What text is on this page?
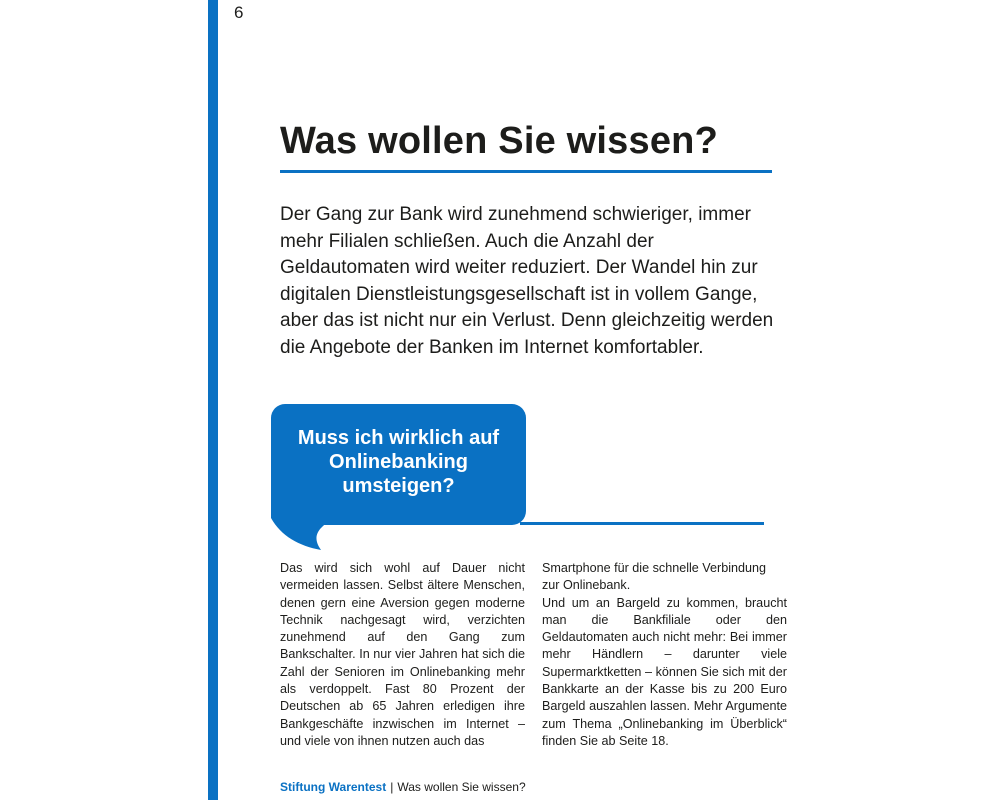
6
Was wollen Sie wissen?

Der Gang zur Bank wird zunehmend schwieriger, immer mehr Filialen schließen. Auch die Anzahl der Geldautomaten wird weiter reduziert. Der Wandel hin zur digitalen Dienstleistungsgesellschaft ist in vollem Gange, aber das ist nicht nur ein Verlust. Denn gleichzeitig werden die Angebote der Banken im Internet komfortabler.

Muss ich wirklich auf Onlinebanking umsteigen?

Das wird sich wohl auf Dauer nicht vermeiden lassen. Selbst ältere Menschen, denen gern eine Aversion gegen moderne Technik nachgesagt wird, verzichten zunehmend auf den Gang zum Bankschalter. In nur vier Jahren hat sich die Zahl der Senioren im Onlinebanking mehr als verdoppelt. Fast 80 Prozent der Deutschen ab 65 Jahren erledigen ihre Bankgeschäfte inzwischen im Internet – und viele von ihnen nutzen auch das

Smartphone für die schnelle Verbindung zur Onlinebank.
Und um an Bargeld zu kommen, braucht man die Bankfiliale oder den Geldautomaten auch nicht mehr: Bei immer mehr Händlern – darunter viele Supermarktketten – können Sie sich mit der Bankkarte an der Kasse bis zu 200 Euro Bargeld auszahlen lassen. Mehr Argumente zum Thema „Onlinebanking im Überblick“ finden Sie ab Seite 18.
Stiftung Warentest | Was wollen Sie wissen?
